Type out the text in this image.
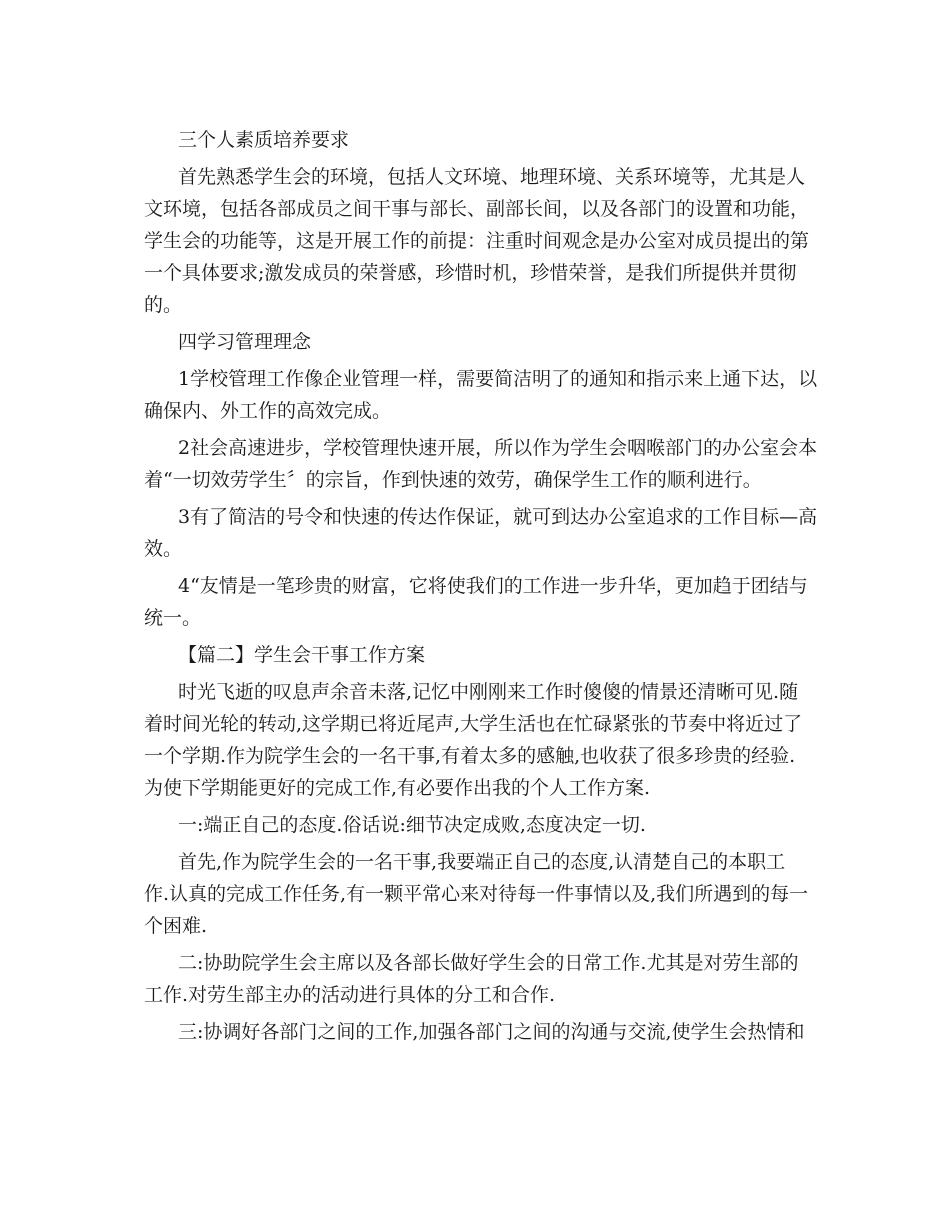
三个人素质培养要求

首先熟悉学生会的环境，包括人文环境、地理环境、关系环境等，尤其是人
文环境，包括各部成员之间干事与部长、副部长间，以及各部门的设置和功能，
学生会的功能等，这是开展工作的前提：注重时间观念是办公室对成员提出的第
一个具体要求;激发成员的荣誉感，珍惜时机，珍惜荣誉，是我们所提供并贯彻
的。

四学习管理理念

1学校管理工作像企业管理一样，需要简洁明了的通知和指示来上通下达，以
确保内、外工作的高效完成。

2社会高速进步，学校管理快速开展，所以作为学生会咽喉部门的办公室会本
着“一切效劳学生〞的宗旨，作到快速的效劳，确保学生工作的顺利进行。

3有了简洁的号令和快速的传达作保证，就可到达办公室追求的工作目标—高
效。

4“友情是一笔珍贵的财富，它将使我们的工作进一步升华，更加趋于团结与
统一。

【篇二】学生会干事工作方案

时光飞逝的叹息声余音未落,记忆中刚刚来工作时傻傻的情景还清晰可见.随
着时间光轮的转动,这学期已将近尾声,大学生活也在忙碌紧张的节奏中将近过了
一个学期.作为院学生会的一名干事,有着太多的感触,也收获了很多珍贵的经验.
为使下学期能更好的完成工作,有必要作出我的个人工作方案.

一:端正自己的态度.俗话说:细节决定成败,态度决定一切.

首先,作为院学生会的一名干事,我要端正自己的态度,认清楚自己的本职工
作.认真的完成工作任务,有一颗平常心来对待每一件事情以及,我们所遇到的每一
个困难.

二:协助院学生会主席以及各部长做好学生会的日常工作.尤其是对劳生部的
工作.对劳生部主办的活动进行具体的分工和合作.

三:协调好各部门之间的工作,加强各部门之间的沟通与交流,使学生会热情和
